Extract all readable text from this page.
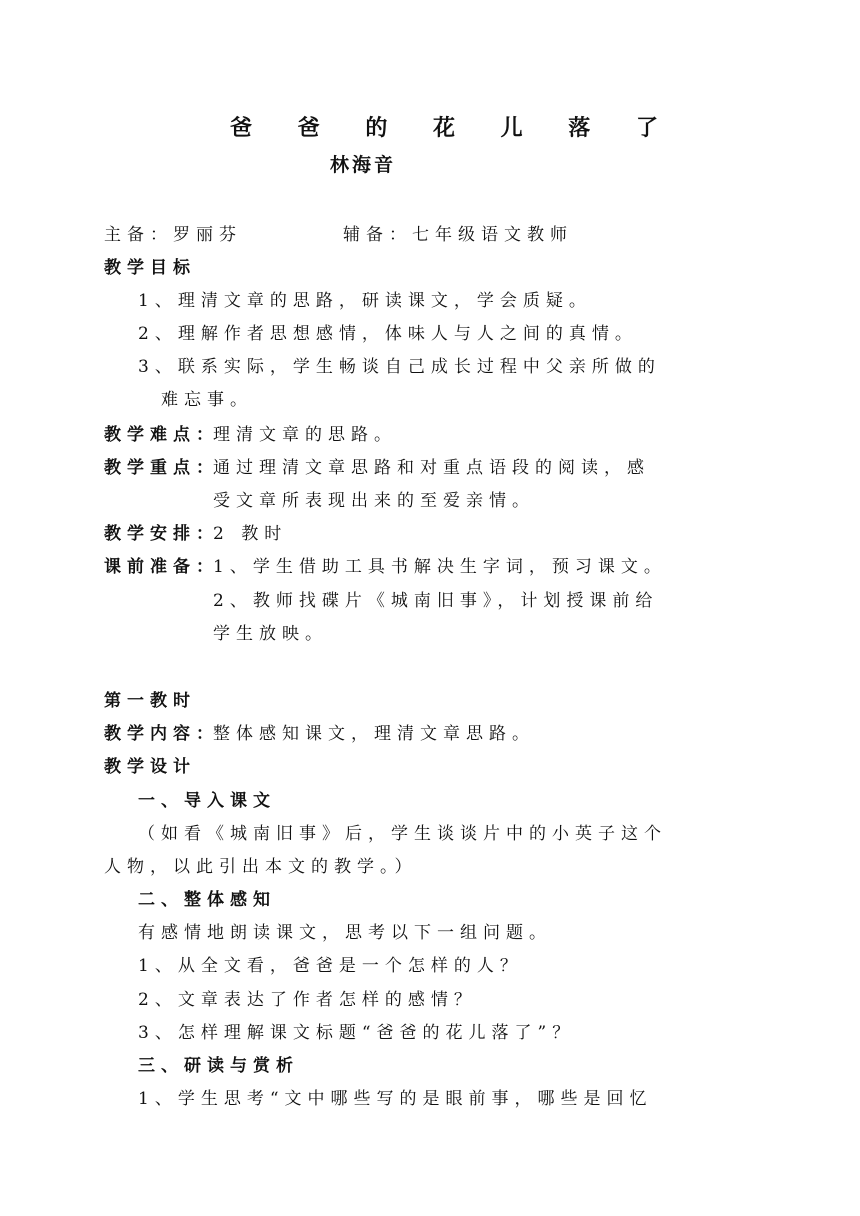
爸 爸 的 花 儿 落 了
林海音
主备：罗丽芬	辅备：七年级语文教师
教学目标
1、理清文章的思路，研读课文，学会质疑。
2、理解作者思想感情，体味人与人之间的真情。
3、联系实际，学生畅谈自己成长过程中父亲所做的
难忘事。
教学难点：
理清文章的思路。
教学重点：
通过理清文章思路和对重点语段的阅读，感
受文章所表现出来的至爱亲情。
教学安排：
2 教时
课前准备：
1、学生借助工具书解决生字词，预习课文。
2、教师找碟片《城南旧事》，计划授课前给
学生放映。
第一教时
教学内容：
整体感知课文，理清文章思路。
教学设计
一、导入课文
（如看《城南旧事》后，学生谈谈片中的小英子这个
人物，以此引出本文的教学。）
二、整体感知
有感情地朗读课文，思考以下一组问题。
1、从全文看，爸爸是一个怎样的人？
2、文章表达了作者怎样的感情？
3、怎样理解课文标题“爸爸的花儿落了”？
三、研读与赏析
1、学生思考“文中哪些写的是眼前事，哪些是回忆
